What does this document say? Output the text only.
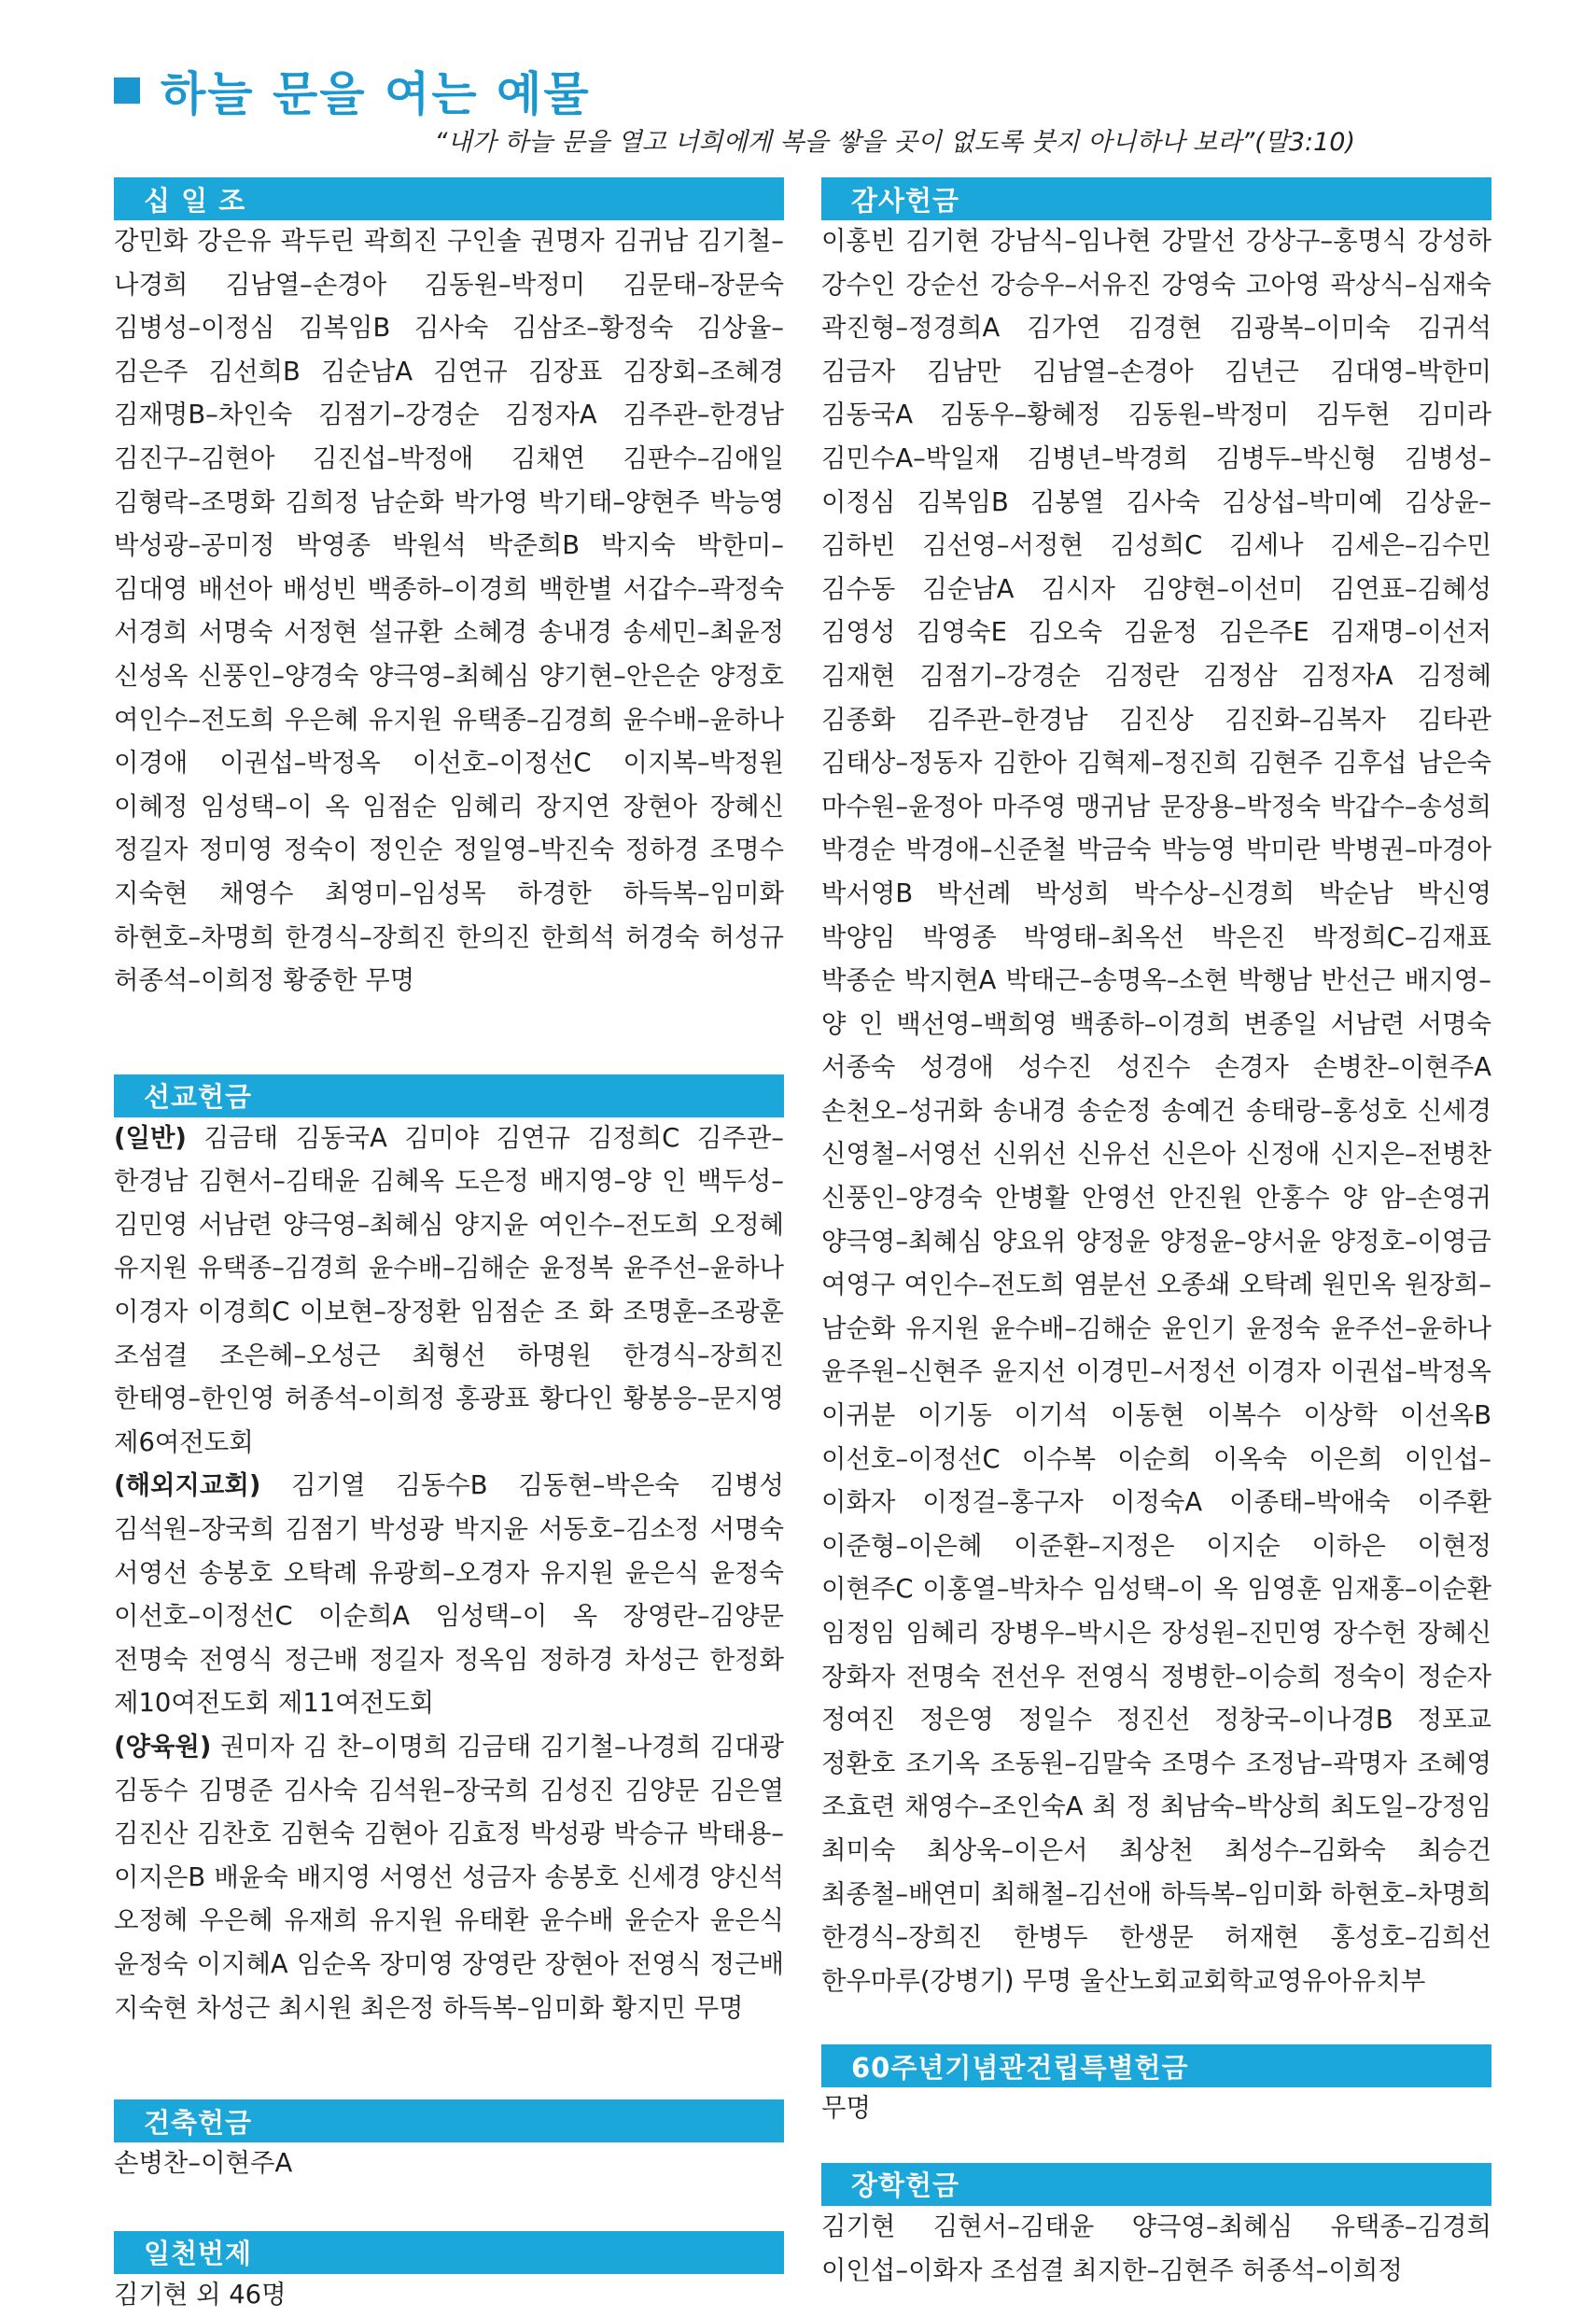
하늘 문을 여는 예물
“내가 하늘 문을 열고 너희에게 복을 쌓을 곳이 없도록 붓지 아니하나 보라”(말3:10)
십 일 조

강민화 강은유 곽두린 곽희진 구인솔 권명자 김귀남 김기철–나경희 김남열–손경아 김동원–박정미 김문태–장문숙 김병성–이정심 김복임B 김사숙 김삼조–황정숙 김상율–김은주 김선희B 김순남A 김연규 김장표 김장회–조혜경 김재명B–차인숙 김점기–강경순 김정자A 김주관–한경남 김진구–김현아 김진섭–박정애 김채연 김판수–김애일 김형락–조명화 김희정 남순화 박가영 박기태–양현주 박능영 박성광–공미정 박영종 박원석 박준희B 박지숙 박한미–김대영 배선아 배성빈 백종하–이경희 백한별 서갑수–곽정숙 서경희 서명숙 서정현 설규환 소혜경 송내경 송세민–최윤정 신성옥 신풍인–양경숙 양극영–최혜심 양기현–안은순 양정호 여인수–전도희 우은혜 유지원 유택종–김경희 윤수배–윤하나 이경애 이권섭–박정옥 이선호–이정선C 이지복–박정원 이혜정 임성택–이 옥 임점순 임혜리 장지연 장현아 장혜신 정길자 정미영 정숙이 정인순 정일영–박진숙 정하경 조명수 지숙현 채영수 최영미–임성목 하경한 하득복–임미화 하현호–차명희 한경식–장희진 한의진 한희석 허경숙 허성규 허종석–이희정 황중한 무명

선교헌금

(일반) 김금태 김동국A 김미야 김연규 김정희C 김주관–한경남 김현서–김태윤 김혜옥 도은정 배지영–양 인 백두성–김민영 서남련 양극영–최혜심 양지윤 여인수–전도희 오정혜 유지원 유택종–김경희 윤수배–김해순 윤정복 윤주선–윤하나 이경자 이경희C 이보현–장정환 임점순 조 화 조명훈–조광훈 조섬결 조은혜–오성근 최형선 하명원 한경식–장희진 한태영–한인영 허종석–이희정 홍광표 황다인 황봉응–문지영 제6여전도회

(해외지교회) 김기열 김동수B 김동현–박은숙 김병성 김석원–장국희 김점기 박성광 박지윤 서동호–김소정 서명숙 서영선 송봉호 오탁례 유광희–오경자 유지원 윤은식 윤정숙 이선호–이정선C 이순희A 임성택–이 옥 장영란–김양문 전명숙 전영식 정근배 정길자 정옥임 정하경 차성근 한정화 제10여전도회 제11여전도회

(양육원) 권미자 김 찬–이명희 김금태 김기철–나경희 김대광 김동수 김명준 김사숙 김석원–장국희 김성진 김양문 김은열 김진산 김찬호 김현숙 김현아 김효정 박성광 박승규 박태용–이지은B 배윤숙 배지영 서영선 성금자 송봉호 신세경 양신석 오정혜 우은혜 유재희 유지원 유태환 윤수배 윤순자 윤은식 윤정숙 이지혜A 임순옥 장미영 장영란 장현아 전영식 정근배 지숙현 차성근 최시원 최은정 하득복–임미화 황지민 무명

건축헌금

손병찬–이현주A

일천번제

김기현 외 46명

감사헌금

이홍빈 김기현 강남식–임나현 강말선 강상구–홍명식 강성하 강수인 강순선 강승우–서유진 강영숙 고아영 곽상식–심재숙 곽진형–정경희A 김가연 김경현 김광복–이미숙 김귀석 김금자 김남만 김남열–손경아 김년근 김대영–박한미 김동국A 김동우–황혜정 김동원–박정미 김두현 김미라 김민수A–박일재 김병년–박경희 김병두–박신형 김병성–이정심 김복임B 김봉열 김사숙 김상섭–박미예 김상윤–김하빈 김선영–서정현 김성희C 김세나 김세은–김수민 김수동 김순남A 김시자 김양현–이선미 김연표–김혜성 김영성 김영숙E 김오숙 김윤정 김은주E 김재명–이선저 김재현 김점기–강경순 김정란 김정삼 김정자A 김정혜 김종화 김주관–한경남 김진상 김진화–김복자 김타관 김태상–정동자 김한아 김혁제–정진희 김현주 김후섭 남은숙 마수원–윤정아 마주영 맹귀남 문장용–박정숙 박갑수–송성희 박경순 박경애–신준철 박금숙 박능영 박미란 박병권–마경아 박서영B 박선례 박성희 박수상–신경희 박순남 박신영 박양임 박영종 박영태–최옥선 박은진 박정희C–김재표 박종순 박지현A 박태근–송명옥–소현 박행남 반선근 배지영–양 인 백선영–백희영 백종하–이경희 변종일 서남련 서명숙 서종숙 성경애 성수진 성진수 손경자 손병찬–이현주A 손천오–성귀화 송내경 송순정 송예건 송태랑–홍성호 신세경 신영철–서영선 신위선 신유선 신은아 신정애 신지은–전병찬 신풍인–양경숙 안병활 안영선 안진원 안홍수 양 암–손영귀 양극영–최혜심 양요위 양정윤 양정윤–양서윤 양정호–이영금 여영구 여인수–전도희 염분선 오종쇄 오탁례 원민옥 원장희–남순화 유지원 윤수배–김해순 윤인기 윤정숙 윤주선–윤하나 윤주원–신현주 윤지선 이경민–서정선 이경자 이권섭–박정옥 이귀분 이기동 이기석 이동현 이복수 이상학 이선옥B 이선호–이정선C 이수복 이순희 이옥숙 이은희 이인섭–이화자 이정걸–홍구자 이정숙A 이종태–박애숙 이주환 이준형–이은혜 이준환–지정은 이지순 이하은 이현정 이현주C 이홍열–박차수 임성택–이 옥 임영훈 임재홍–이순환 임정임 임혜리 장병우–박시은 장성원–진민영 장수헌 장혜신 장화자 전명숙 전선우 전영식 정병한–이승희 정숙이 정순자 정여진 정은영 정일수 정진선 정창국–이나경B 정포교 정환호 조기옥 조동원–김말숙 조명수 조정남–곽명자 조혜영 조효련 채영수–조인숙A 최 정 최남숙–박상희 최도일–강정임 최미숙 최상욱–이은서 최상천 최성수–김화숙 최승건 최종철–배연미 최해철–김선애 하득복–임미화 하현호–차명희 한경식–장희진 한병두 한생문 허재현 홍성호–김희선 한우마루(강병기) 무명 울산노회교회학교영유아유치부

60주년기념관건립특별헌금

무명

장학헌금

김기현 김현서–김태윤 양극영–최혜심 유택종–김경희 이인섭–이화자 조섬결 최지한–김현주 허종석–이희정
